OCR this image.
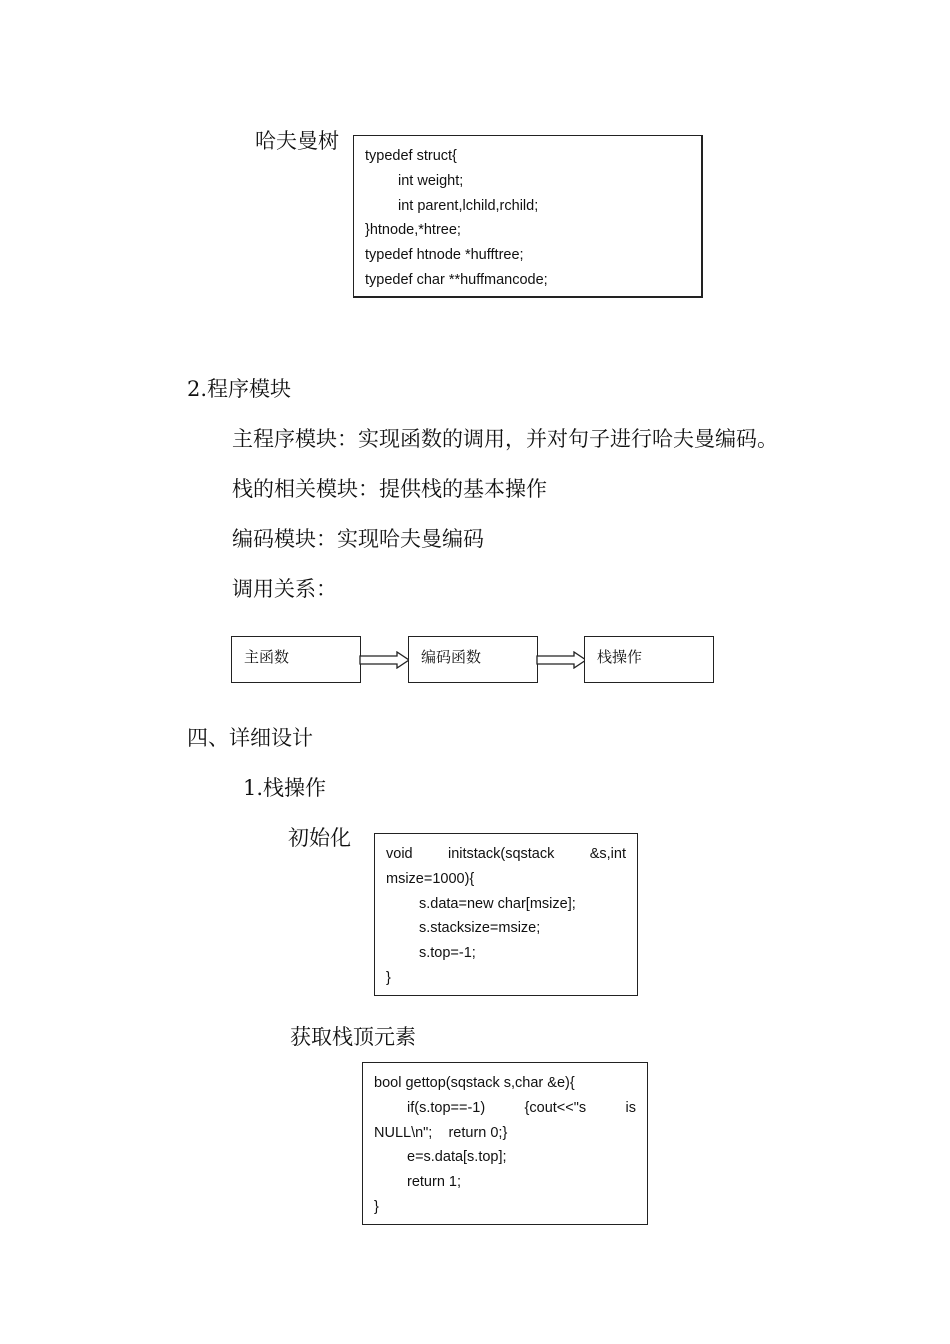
哈夫曼树
typedef struct{
int weight;
int parent,lchild,rchild;
}htnode,*htree;
typedef htnode *hufftree;
typedef char **huffmancode;
2.程序模块
主程序模块：实现函数的调用，并对句子进行哈夫曼编码。
栈的相关模块：提供栈的基本操作
编码模块：实现哈夫曼编码
调用关系：
主函数	编码函数	栈操作
四、详细设计
1.栈操作
初始化
void initstack(sqstack &s,int
msize=1000){
s.data=new char[msize];
s.stacksize=msize;
s.top=-1;
}
获取栈顶元素
bool gettop(sqstack s,char &e){
if(s.top==-1)	{cout<<"s	is
NULL\n";    return 0;}
e=s.data[s.top];
return 1;
}
